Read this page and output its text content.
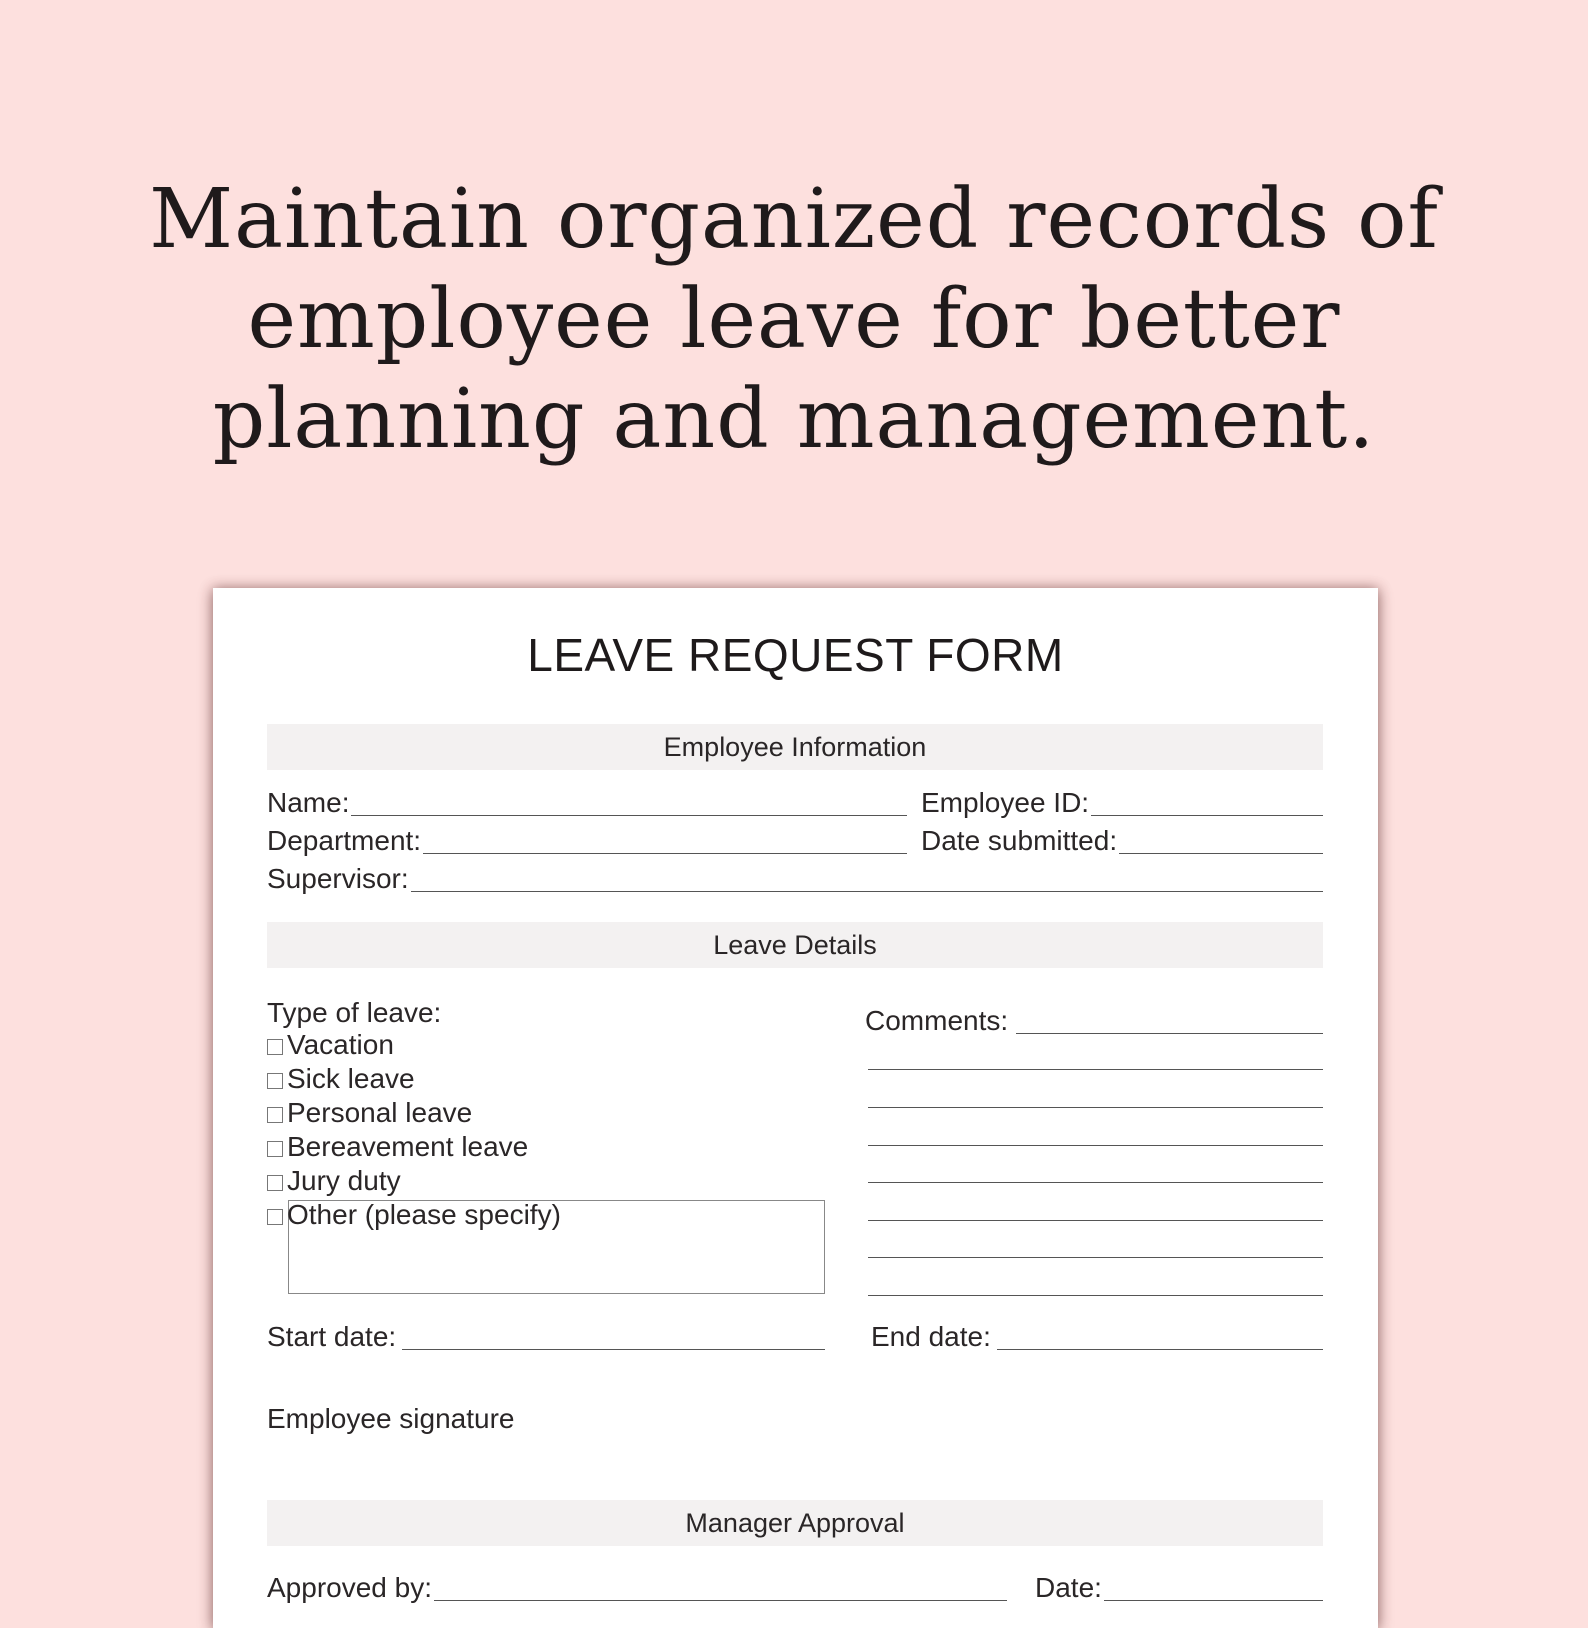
Maintain organized records of
employee leave for better
planning and management.
LEAVE REQUEST FORM
Employee Information
Name:	Employee ID:
Department:	Date submitted:
Supervisor:
Leave Details
Type of leave:	Comments:
Vacation
Sick leave
Personal leave
Bereavement leave
Jury duty
Other (please specify)
Start date:	End date:
Employee signature
Manager Approval
Approved by:	Date:
